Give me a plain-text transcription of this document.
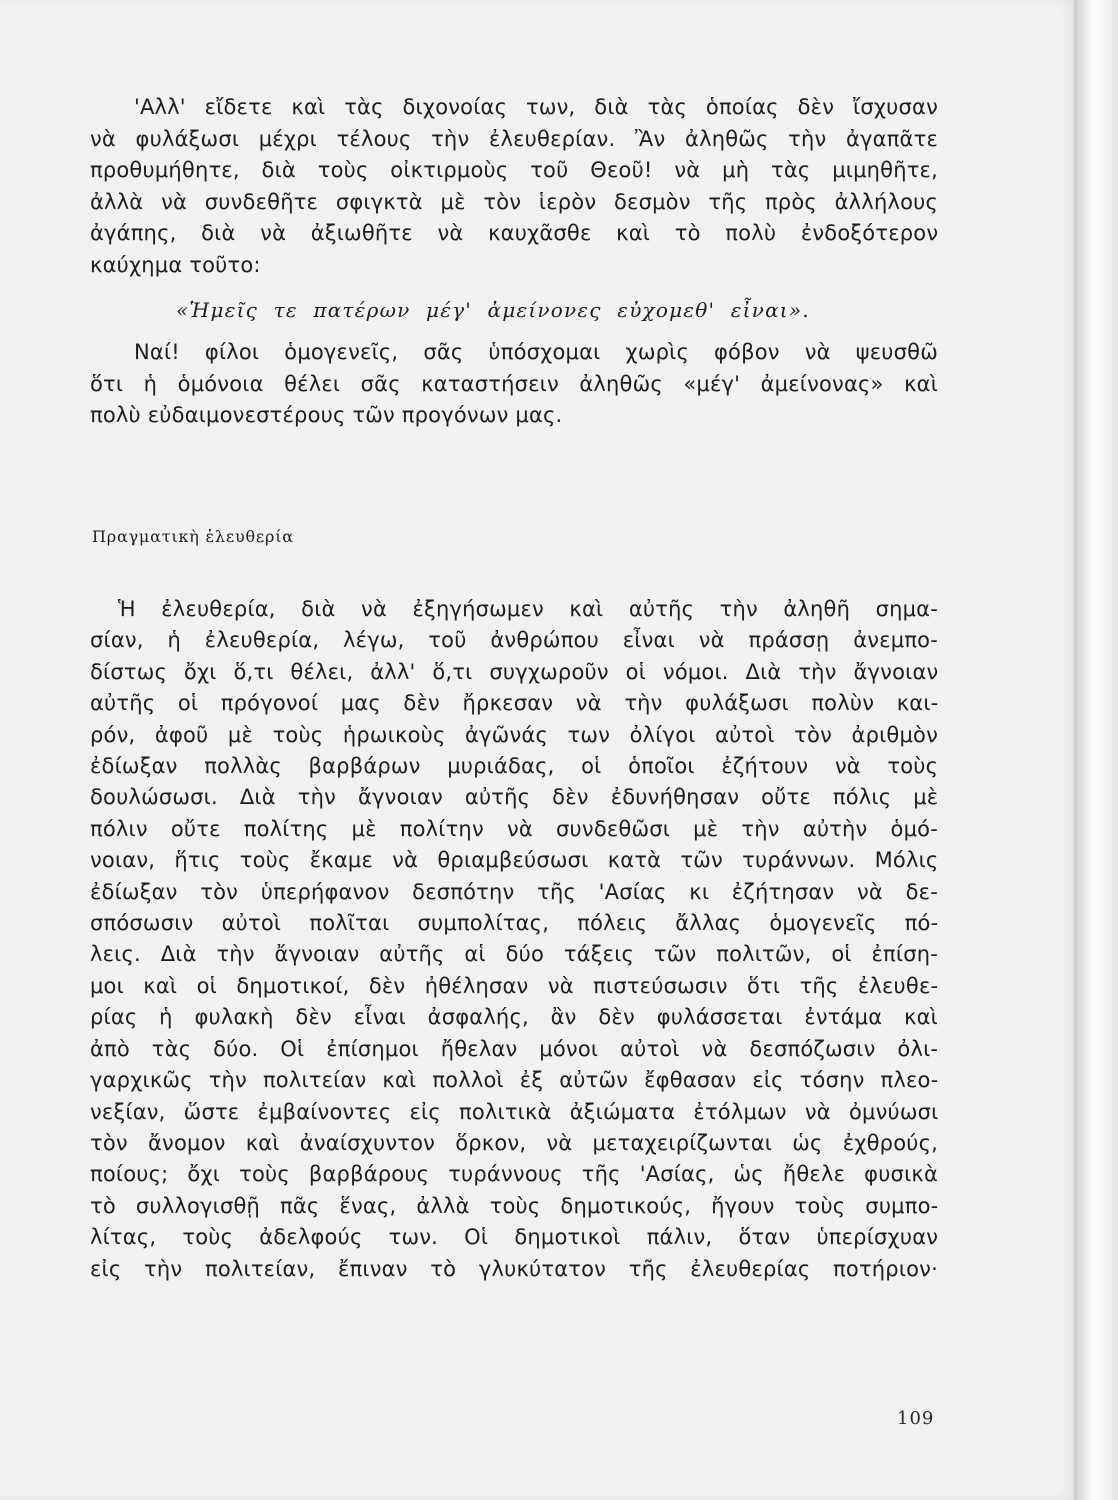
'Αλλ' εἴδετε καὶ τὰς διχονοίας των, διὰ τὰς ὁποίας δὲν ἴσχυσαν
νὰ φυλάξωσι μέχρι τέλους τὴν ἐλευθερίαν. Ἂν ἀληθῶς τὴν ἀγαπᾶτε
προθυμήθητε, διὰ τοὺς οἰκτιρμοὺς τοῦ Θεοῦ! νὰ μὴ τὰς μιμηθῆτε,
ἀλλὰ νὰ συνδεθῆτε σφιγκτὰ μὲ τὸν ἱερὸν δεσμὸν τῆς πρὸς ἀλλήλους
ἀγάπης, διὰ νὰ ἀξιωθῆτε νὰ καυχᾶσθε καὶ τὸ πολὺ ἐνδοξότερον
καύχημα τοῦτο:

«Ἡμεῖς τε πατέρων μέγ' ἀμείνονες εὐχομεθ' εἶναι».

Ναί! φίλοι ὁμογενεῖς, σᾶς ὑπόσχομαι χωρὶς φόβον νὰ ψευσθῶ
ὅτι ἡ ὁμόνοια θέλει σᾶς καταστήσειν ἀληθῶς «μέγ' ἀμείνονας» καὶ
πολὺ εὐδαιμονεστέρους τῶν προγόνων μας.

Πραγματικὴ ἐλευθερία

Ἡ ἐλευθερία, διὰ νὰ ἐξηγήσωμεν καὶ αὐτῆς τὴν ἀληθῆ σημα-
σίαν, ἡ ἐλευθερία, λέγω, τοῦ ἀνθρώπου εἶναι νὰ πράσσῃ ἀνεμπο-
δίστως ὄχι ὅ,τι θέλει, ἀλλ' ὅ,τι συγχωροῦν οἱ νόμοι. Διὰ τὴν ἄγνοιαν
αὐτῆς οἱ πρόγονοί μας δὲν ἤρκεσαν νὰ τὴν φυλάξωσι πολὺν και-
ρόν, ἀφοῦ μὲ τοὺς ἡρωικοὺς ἀγῶνάς των ὀλίγοι αὐτοὶ τὸν ἀριθμὸν
ἐδίωξαν πολλὰς βαρβάρων μυριάδας, οἱ ὁποῖοι ἐζήτουν νὰ τοὺς
δουλώσωσι. Διὰ τὴν ἄγνοιαν αὐτῆς δὲν ἐδυνήθησαν οὔτε πόλις μὲ
πόλιν οὔτε πολίτης μὲ πολίτην νὰ συνδεθῶσι μὲ τὴν αὐτὴν ὁμό-
νοιαν, ἥτις τοὺς ἔκαμε νὰ θριαμβεύσωσι κατὰ τῶν τυράννων. Μόλις
ἐδίωξαν τὸν ὑπερήφανον δεσπότην τῆς 'Ασίας κι ἐζήτησαν νὰ δε-
σπόσωσιν αὐτοὶ πολῖται συμπολίτας, πόλεις ἄλλας ὁμογενεῖς πό-
λεις. Διὰ τὴν ἄγνοιαν αὐτῆς αἱ δύο τάξεις τῶν πολιτῶν, οἱ ἐπίση-
μοι καὶ οἱ δημοτικοί, δὲν ἠθέλησαν νὰ πιστεύσωσιν ὅτι τῆς ἐλευθε-
ρίας ἡ φυλακὴ δὲν εἶναι ἀσφαλής, ἂν δὲν φυλάσσεται ἐντάμα καὶ
ἀπὸ τὰς δύο. Οἱ ἐπίσημοι ἤθελαν μόνοι αὐτοὶ νὰ δεσπόζωσιν ὀλι-
γαρχικῶς τὴν πολιτείαν καὶ πολλοὶ ἐξ αὐτῶν ἔφθασαν εἰς τόσην πλεο-
νεξίαν, ὥστε ἐμβαίνοντες εἰς πολιτικὰ ἀξιώματα ἐτόλμων νὰ ὀμνύωσι
τὸν ἄνομον καὶ ἀναίσχυντον ὅρκον, νὰ μεταχειρίζωνται ὡς ἐχθρούς,
ποίους; ὄχι τοὺς βαρβάρους τυράννους τῆς 'Ασίας, ὡς ἤθελε φυσικὰ
τὸ συλλογισθῇ πᾶς ἕνας, ἀλλὰ τοὺς δημοτικούς, ἤγουν τοὺς συμπο-
λίτας, τοὺς ἀδελφούς των. Οἱ δημοτικοὶ πάλιν, ὅταν ὑπερίσχυαν
εἰς τὴν πολιτείαν, ἔπιναν τὸ γλυκύτατον τῆς ἐλευθερίας ποτήριον·

109
